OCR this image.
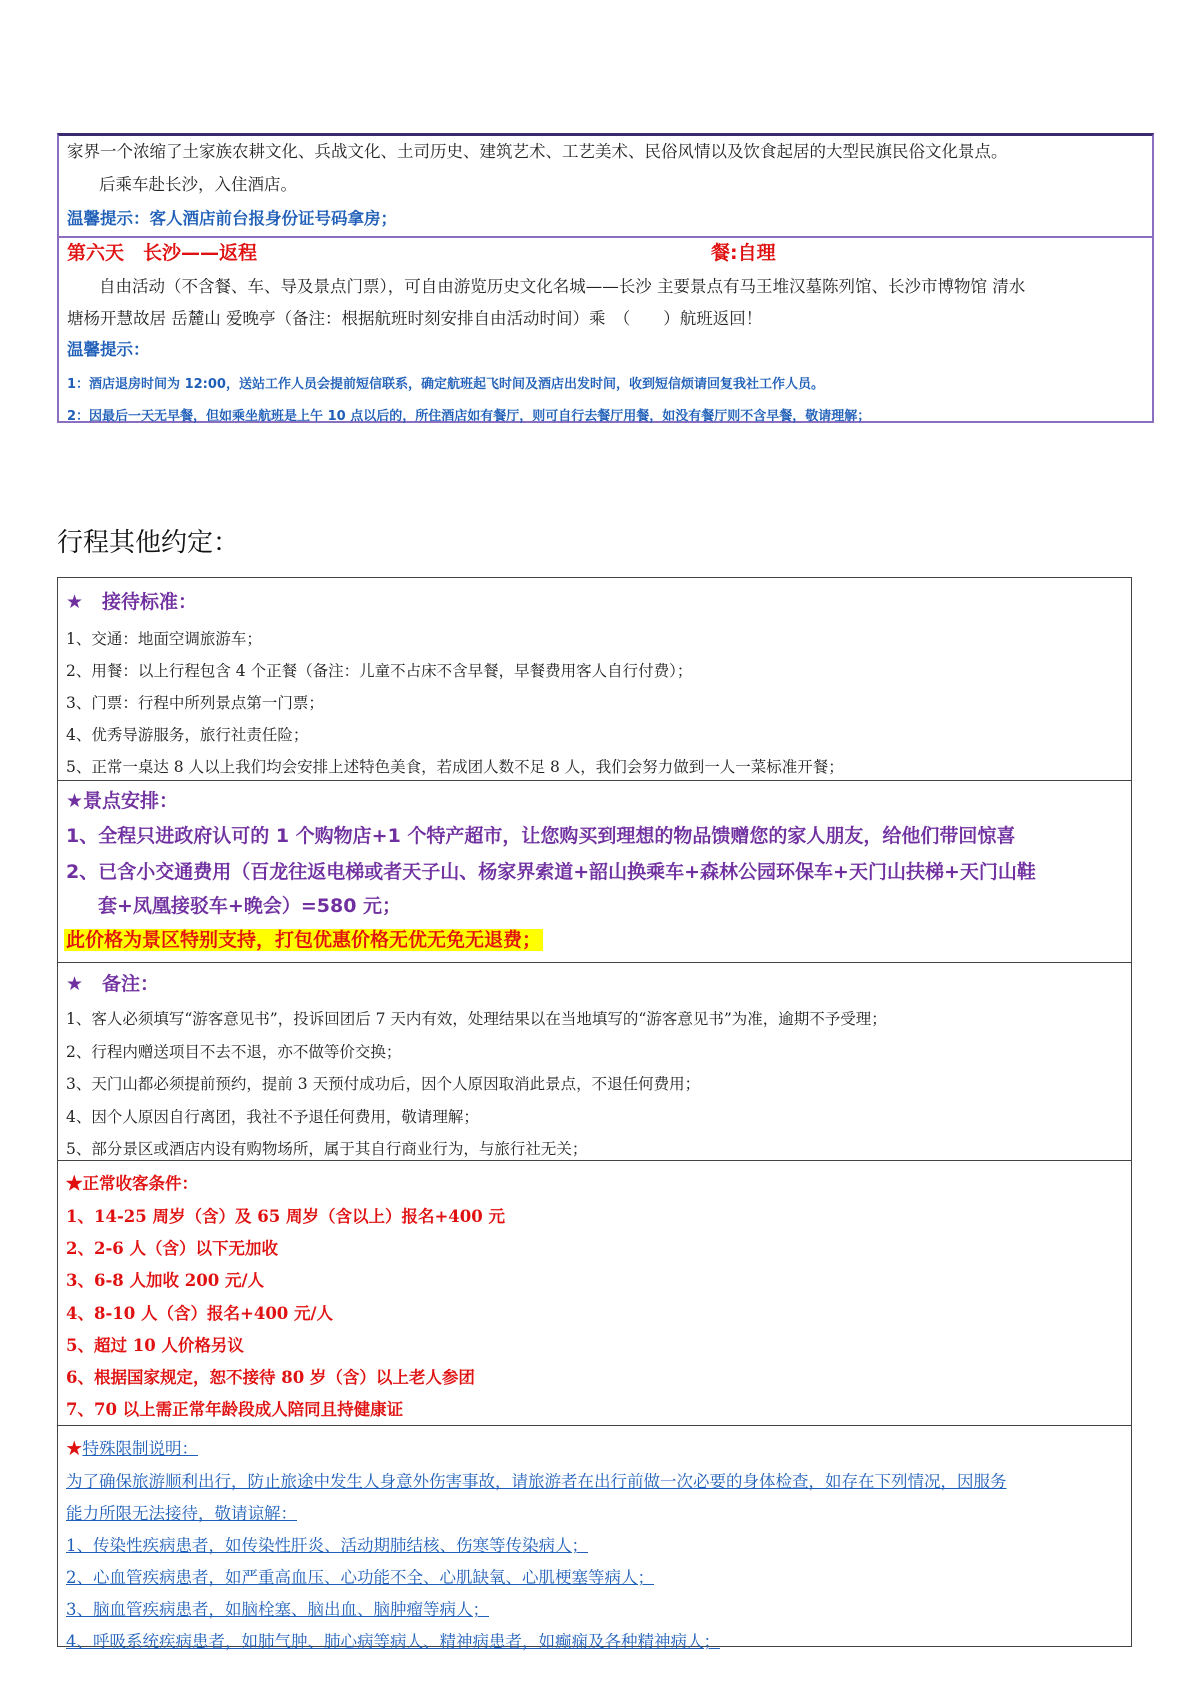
家界一个浓缩了土家族农耕文化、兵战文化、土司历史、建筑艺术、工艺美术、民俗风情以及饮食起居的大型民旗民俗文化景点。
后乘车赴长沙，入住酒店。
温馨提示：客人酒店前台报身份证号码拿房；
第六天　长沙——返程	餐:自理
自由活动（不含餐、车、导及景点门票），可自由游览历史文化名城——长沙 主要景点有马王堆汉墓陈列馆、长沙市博物馆 清水
塘杨开慧故居 岳麓山 爱晚亭（备注：根据航班时刻安排自由活动时间）乘　（　　）航班返回！
温馨提示：
1：酒店退房时间为 12:00，送站工作人员会提前短信联系，确定航班起飞时间及酒店出发时间，收到短信烦请回复我社工作人员。
2：因最后一天无早餐，但如乘坐航班是上午 10 点以后的，所住酒店如有餐厅，则可自行去餐厅用餐，如没有餐厅则不含早餐，敬请理解；
行程其他约定：
★　接待标准：
1、交通：地面空调旅游车；
2、用餐：以上行程包含 4 个正餐（备注：儿童不占床不含早餐，早餐费用客人自行付费）；
3、门票：行程中所列景点第一门票；
4、优秀导游服务，旅行社责任险；
5、正常一桌达 8 人以上我们均会安排上述特色美食，若成团人数不足 8 人，我们会努力做到一人一菜标准开餐；
★景点安排：
1、全程只进政府认可的 1 个购物店+1 个特产超市，让您购买到理想的物品馈赠您的家人朋友，给他们带回惊喜
2、已含小交通费用（百龙往返电梯或者天子山、杨家界索道+韶山换乘车+森林公园环保车+天门山扶梯+天门山鞋
套+凤凰接驳车+晚会）=580 元；
此价格为景区特别支持，打包优惠价格无优无免无退费；
★　备注：
1、客人必须填写“游客意见书”，投诉回团后 7 天内有效，处理结果以在当地填写的“游客意见书”为准，逾期不予受理；
2、行程内赠送项目不去不退，亦不做等价交换；
3、天门山都必须提前预约，提前 3 天预付成功后，因个人原因取消此景点，不退任何费用；
4、因个人原因自行离团，我社不予退任何费用，敬请理解；
5、部分景区或酒店内设有购物场所，属于其自行商业行为，与旅行社无关；
★正常收客条件：
1、14-25 周岁（含）及 65 周岁（含以上）报名+400 元
2、2-6 人（含）以下无加收
3、6-8 人加收 200 元/人
4、8-10 人（含）报名+400 元/人
5、超过 10 人价格另议
6、根据国家规定，恕不接待 80 岁（含）以上老人参团
7、70 以上需正常年龄段成人陪同且持健康证
★特殊限制说明：
为了确保旅游顺利出行，防止旅途中发生人身意外伤害事故，请旅游者在出行前做一次必要的身体检查，如存在下列情况，因服务
能力所限无法接待，敬请谅解：
1、传染性疾病患者，如传染性肝炎、活动期肺结核、伤寒等传染病人；
2、心血管疾病患者，如严重高血压、心功能不全、心肌缺氧、心肌梗塞等病人；
3、脑血管疾病患者，如脑栓塞、脑出血、脑肿瘤等病人；
4、呼吸系统疾病患者，如肺气肿、肺心病等病人、精神病患者，如癫痫及各种精神病人；
